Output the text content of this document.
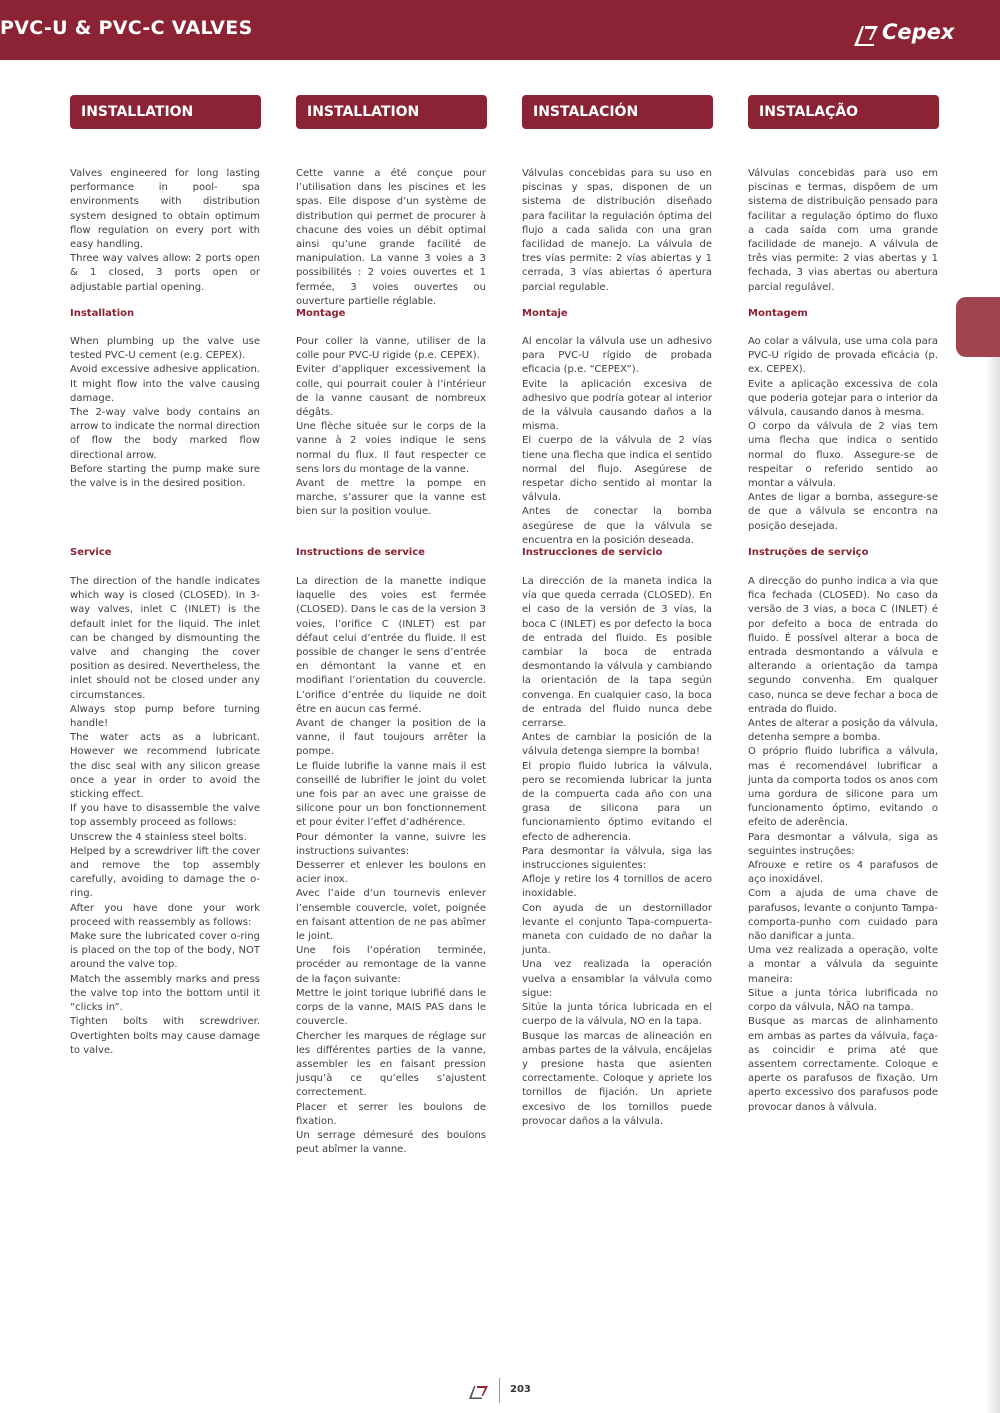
PVC-U & PVC-C VALVES	Cepex
INSTALLATION
Valves engineered for long lasting performance in pool- spa environments with distribution system designed to obtain optimum flow regulation on every port with easy handling.
Three way valves allow: 2 ports open & 1 closed, 3 ports open or adjustable partial opening.
Installation
When plumbing up the valve use tested PVC-U cement (e.g. CEPEX).
Avoid excessive adhesive application. It might flow into the valve causing damage.
The 2-way valve body contains an arrow to indicate the normal direction of flow the body marked flow directional arrow.
Before starting the pump make sure the valve is in the desired position.
Service
The direction of the handle indicates which way is closed (CLOSED). In 3-way valves, inlet C (INLET) is the default inlet for the liquid. The inlet can be changed by dismounting the valve and changing the cover position as desired. Nevertheless, the inlet should not be closed under any circumstances.
Always stop pump before turning handle!
The water acts as a lubricant. However we recommend lubricate the disc seal with any silicon grease once a year in order to avoid the sticking effect.
If you have to disassemble the valve top assembly proceed as follows:
Unscrew the 4 stainless steel bolts.
Helped by a screwdriver lift the cover and remove the top assembly carefully, avoiding to damage the o-ring.
After you have done your work proceed with reassembly as follows:
Make sure the lubricated cover o-ring is placed on the top of the body, NOT around the valve top.
Match the assembly marks and press the valve top into the bottom until it “clicks in”.
Tighten bolts with screwdriver. Overtighten bolts may cause damage to valve.
INSTALLATION
Cette vanne a été conçue pour l’utilisation dans les piscines et les spas. Elle dispose d’un système de distribution qui permet de procurer à chacune des voies un débit optimal ainsi qu’une grande facilité de manipulation. La vanne 3 voies a 3 possibilités : 2 voies ouvertes et 1 fermée, 3 voies ouvertes ou ouverture partielle réglable.
Montage
Pour coller la vanne, utiliser de la colle pour PVC-U rigide (p.e. CEPEX).
Eviter d’appliquer excessivement la colle, qui pourrait couler à l’intérieur de la vanne causant de nombreux dégâts.
Une flèche située sur le corps de la vanne à 2 voies indique le sens normal du flux. Il faut respecter ce sens lors du montage de la vanne.
Avant de mettre la pompe en marche, s’assurer que la vanne est bien sur la position voulue.
Instructions de service
La direction de la manette indique laquelle des voies est fermée (CLOSED). Dans le cas de la version 3 voies, l’orifice C (INLET) est par défaut celui d’entrée du fluide. Il est possible de changer le sens d’entrée en démontant la vanne et en modifiant l’orientation du couvercle. L’orifice d’entrée du liquide ne doit être en aucun cas fermé.
Avant de changer la position de la vanne, il faut toujours arrêter la pompe.
Le fluide lubrifie la vanne mais il est conseillé de lubrifier le joint du volet une fois par an avec une graisse de silicone pour un bon fonctionnement et pour éviter l’effet d’adhérence.
Pour démonter la vanne, suivre les instructions suivantes:
Desserrer et enlever les boulons en acier inox.
Avec l’aide d’un tournevis enlever l’ensemble couvercle, volet, poignée en faisant attention de ne pas abîmer le joint.
Une fois l’opération terminée, procéder au remontage de la vanne de la façon suivante:
Mettre le joint torique lubrifié dans le corps de la vanne, MAIS PAS dans le couvercle.
Chercher les marques de réglage sur les différentes parties de la vanne, assembler les en faisant pression jusqu’à ce qu’elles s’ajustent correctement.
Placer et serrer les boulons de fixation.
Un serrage démesuré des boulons peut abîmer la vanne.
INSTALACIÓN
Válvulas concebidas para su uso en piscinas y spas, disponen de un sistema de distribución diseñado para facilitar la regulación óptima del flujo a cada salida con una gran facilidad de manejo. La válvula de tres vías permite: 2 vías abiertas y 1 cerrada, 3 vías abiertas ó apertura parcial regulable.
Montaje
Al encolar la válvula use un adhesivo para PVC-U rígido de probada eficacia (p.e. “CEPEX”).
Evite la aplicación excesiva de adhesivo que podría gotear al interior de la válvula causando daños a la misma.
El cuerpo de la válvula de 2 vías tiene una flecha que indica el sentido normal del flujo. Asegúrese de respetar dicho sentido al montar la válvula.
Antes de conectar la bomba asegúrese de que la válvula se encuentra en la posición deseada.
Instrucciones de servicio
La dirección de la maneta indica la vía que queda cerrada (CLOSED). En el caso de la versión de 3 vías, la boca C (INLET) es por defecto la boca de entrada del fluido. Es posible cambiar la boca de entrada desmontando la válvula y cambiando la orientación de la tapa según convenga. En cualquier caso, la boca de entrada del fluido nunca debe cerrarse.
Antes de cambiar la posición de la válvula detenga siempre la bomba!
El propio fluido lubrica la válvula, pero se recomienda lubricar la junta de la compuerta cada año con una grasa de silicona para un funcionamiento óptimo evitando el efecto de adherencia.
Para desmontar la válvula, siga las instrucciones siguientes:
Afloje y retire los 4 tornillos de acero inoxidable.
Con ayuda de un destornillador levante el conjunto Tapa-compuerta-maneta con cuidado de no dañar la junta.
Una vez realizada la operación vuelva a ensamblar la válvula como sigue:
Sitúe la junta tórica lubricada en el cuerpo de la válvula, NO en la tapa.
Busque las marcas de alineación en ambas partes de la válvula, encájelas y presione hasta que asienten correctamente. Coloque y apriete los tornillos de fijación. Un apriete excesivo de los tornillos puede provocar daños a la válvula.
INSTALAÇÃO
Válvulas concebidas para uso em piscinas e termas, dispõem de um sistema de distribuição pensado para facilitar a regulação óptimo do fluxo a cada saída com uma grande facilidade de manejo. A válvula de três vias permite: 2 vias abertas y 1 fechada, 3 vias abertas ou abertura parcial regulável.
Montagem
Ao colar a válvula, use uma cola para PVC-U rígido de provada eficácia (p. ex. CEPEX).
Evite a aplicação excessiva de cola que poderia gotejar para o interior da válvula, causando danos à mesma.
O corpo da válvula de 2 vias tem uma flecha que indica o sentido normal do fluxo. Assegure-se de respeitar o referido sentido ao montar a válvula.
Antes de ligar a bomba, assegure-se de que a válvula se encontra na posição desejada.
Instruções de serviço
A direcção do punho indica a via que fica fechada (CLOSED). No caso da versão de 3 vias, a boca C (INLET) é por defeito a boca de entrada do fluido. É possível alterar a boca de entrada desmontando a válvula e alterando a orientação da tampa segundo convenha. Em qualquer caso, nunca se deve fechar a boca de entrada do fluido.
Antes de alterar a posição da válvula, detenha sempre a bomba.
O próprio fluido lubrifica a válvula, mas é recomendável lubrificar a junta da comporta todos os anos com uma gordura de silicone para um funcionamento óptimo, evitando o efeito de aderência.
Para desmontar a válvula, siga as seguintes instruções:
Afrouxe e retire os 4 parafusos de aço inoxidável.
Com a ajuda de uma chave de parafusos, levante o conjunto Tampa-comporta-punho com cuidado para não danificar a junta.
Uma vez realizada a operação, volte a montar a válvula da seguinte maneira:
Situe a junta tórica lubrificada no corpo da válvula, NÃO na tampa.
Busque as marcas de alinhamento em ambas as partes da válvula, faça-as coincidir e prima até que assentem correctamente. Coloque e aperte os parafusos de fixação. Um aperto excessivo dos parafusos pode provocar danos à válvula.
203
